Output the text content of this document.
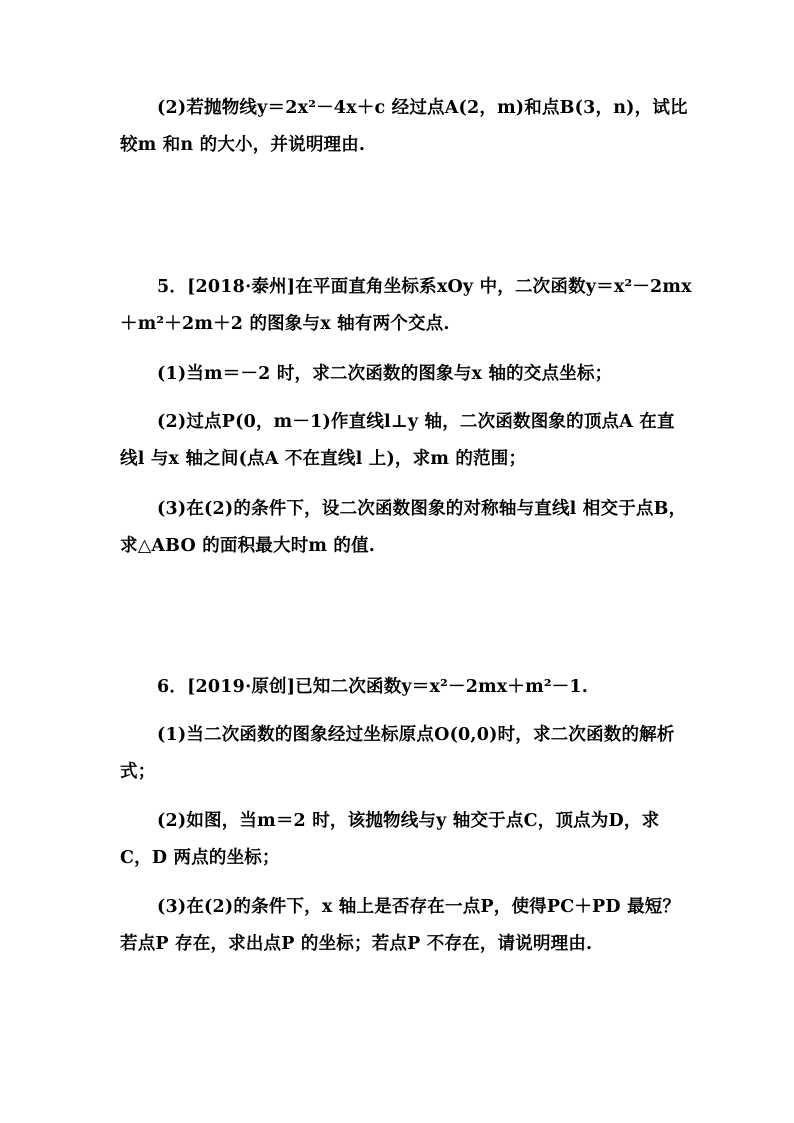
(2)若抛物线y＝2x²－4x＋c 经过点A(2，m)和点B(3，n)，试比
较m 和n 的大小，并说明理由.
5．[2018·泰州]在平面直角坐标系xOy 中，二次函数y＝x²－2mx
＋m²＋2m＋2 的图象与x 轴有两个交点.
(1)当m＝－2 时，求二次函数的图象与x 轴的交点坐标；
(2)过点P(0，m－1)作直线l⊥y 轴，二次函数图象的顶点A 在直
线l 与x 轴之间(点A 不在直线l 上)，求m 的范围；
(3)在(2)的条件下，设二次函数图象的对称轴与直线l 相交于点B，
求△ABO 的面积最大时m 的值.
6．[2019·原创]已知二次函数y＝x²－2mx＋m²－1.
(1)当二次函数的图象经过坐标原点O(0,0)时，求二次函数的解析
式；
(2)如图，当m＝2 时，该抛物线与y 轴交于点C，顶点为D，求
C，D 两点的坐标；
(3)在(2)的条件下，x 轴上是否存在一点P，使得PC＋PD 最短？
若点P 存在，求出点P 的坐标；若点P 不存在，请说明理由.
